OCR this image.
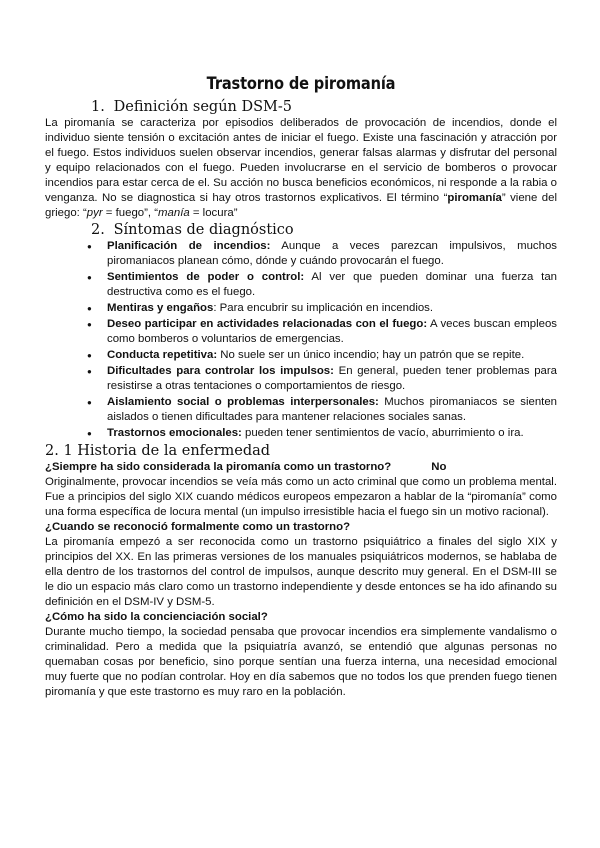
Trastorno de piromanía
1. Definición según DSM-5

La piromanía se caracteriza por episodios deliberados de provocación de incendios, donde el individuo siente tensión o excitación antes de iniciar el fuego. Existe una fascinación y atracción por el fuego. Estos individuos suelen observar incendios, generar falsas alarmas y disfrutar del personal y equipo relacionados con el fuego. Pueden involucrarse en el servicio de bomberos o provocar incendios para estar cerca de el. Su acción no busca beneficios económicos, ni responde a la rabia o venganza. No se diagnostica si hay otros trastornos explicativos. El término “piromanía” viene del griego: “pyr = fuego”, “manía = locura”

2. Síntomas de diagnóstico
● Planificación de incendios: Aunque a veces parezcan impulsivos, muchos piromaniacos planean cómo, dónde y cuándo provocarán el fuego.
● Sentimientos de poder o control: Al ver que pueden dominar una fuerza tan destructiva como es el fuego.
● Mentiras y engaños: Para encubrir su implicación en incendios.
● Deseo participar en actividades relacionadas con el fuego: A veces buscan empleos como bomberos o voluntarios de emergencias.
● Conducta repetitiva: No suele ser un único incendio; hay un patrón que se repite.
● Dificultades para controlar los impulsos: En general, pueden tener problemas para resistirse a otras tentaciones o comportamientos de riesgo.
● Aislamiento social o problemas interpersonales: Muchos piromaniacos se sienten aislados o tienen dificultades para mantener relaciones sociales sanas.
● Trastornos emocionales: pueden tener sentimientos de vacío, aburrimiento o ira.
2. 1 Historia de la enfermedad
¿Siempre ha sido considerada la piromanía como un trastorno?	No

Originalmente, provocar incendios se veía más como un acto criminal que como un problema mental. Fue a principios del siglo XIX cuando médicos europeos empezaron a hablar de la “piromanía” como una forma específica de locura mental (un impulso irresistible hacia el fuego sin un motivo racional).

¿Cuando se reconoció formalmente como un trastorno?

La piromanía empezó a ser reconocida como un trastorno psiquiátrico a finales del siglo XIX y principios del XX. En las primeras versiones de los manuales psiquiátricos modernos, se hablaba de ella dentro de los trastornos del control de impulsos, aunque descrito muy general. En el DSM-III se le dio un espacio más claro como un trastorno independiente y desde entonces se ha ido afinando su definición en el DSM-IV y DSM-5.

¿Cómo ha sido la concienciación social?

Durante mucho tiempo, la sociedad pensaba que provocar incendios era simplemente vandalismo o criminalidad. Pero a medida que la psiquiatría avanzó, se entendió que algunas personas no quemaban cosas por beneficio, sino porque sentían una fuerza interna, una necesidad emocional muy fuerte que no podían controlar. Hoy en día sabemos que no todos los que prenden fuego tienen piromanía y que este trastorno es muy raro en la población.
